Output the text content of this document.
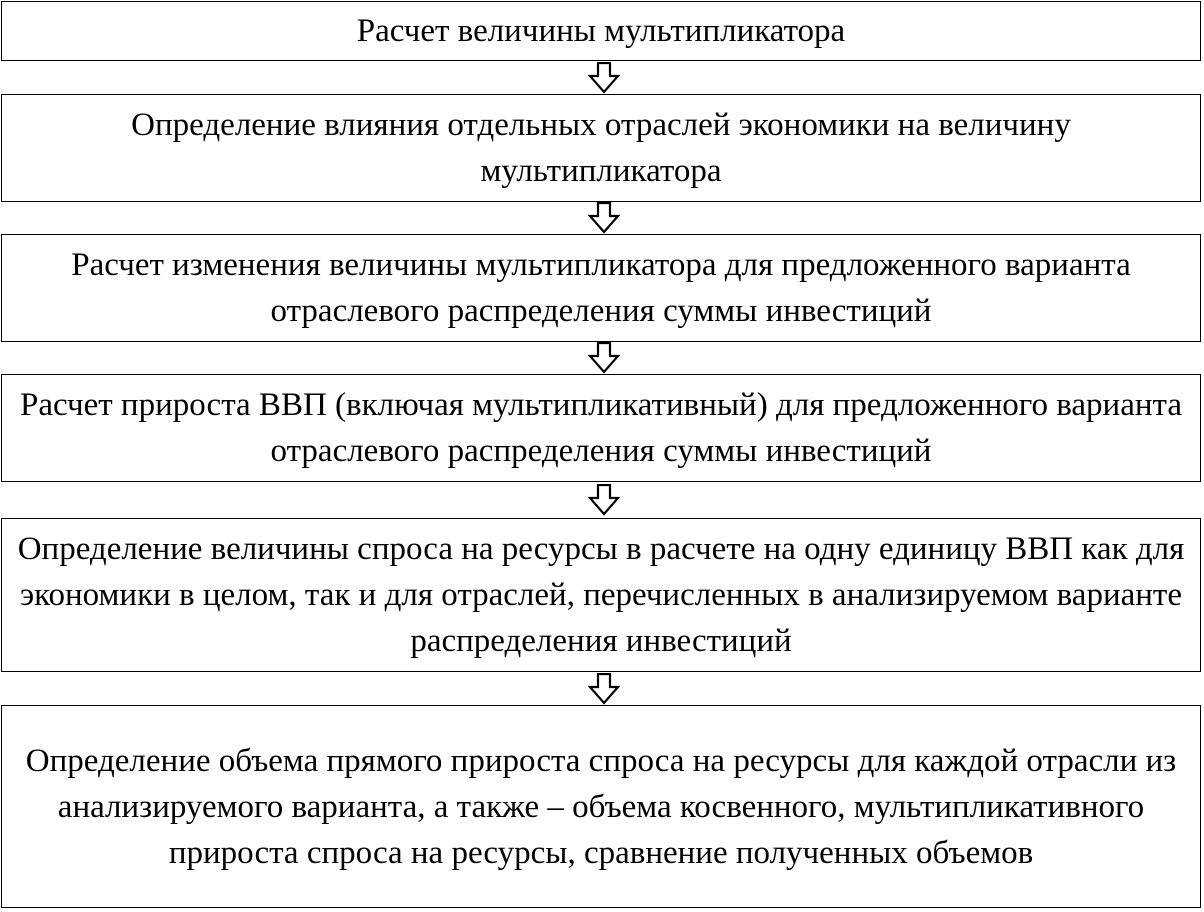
Расчет величины мультипликатора
Определение влияния отдельных отраслей экономики на величину мультипликатора
Расчет изменения величины мультипликатора для предложенного варианта отраслевого распределения суммы инвестиций
Расчет прироста ВВП (включая мультипликативный) для предложенного варианта отраслевого распределения суммы инвестиций
Определение величины спроса на ресурсы в расчете на одну единицу ВВП как для экономики в целом, так и для отраслей, перечисленных в анализируемом варианте распределения инвестиций
Определение объема прямого прироста спроса на ресурсы для каждой отрасли из анализируемого варианта, а также – объема косвенного, мультипликативного прироста спроса на ресурсы, сравнение полученных объемов
